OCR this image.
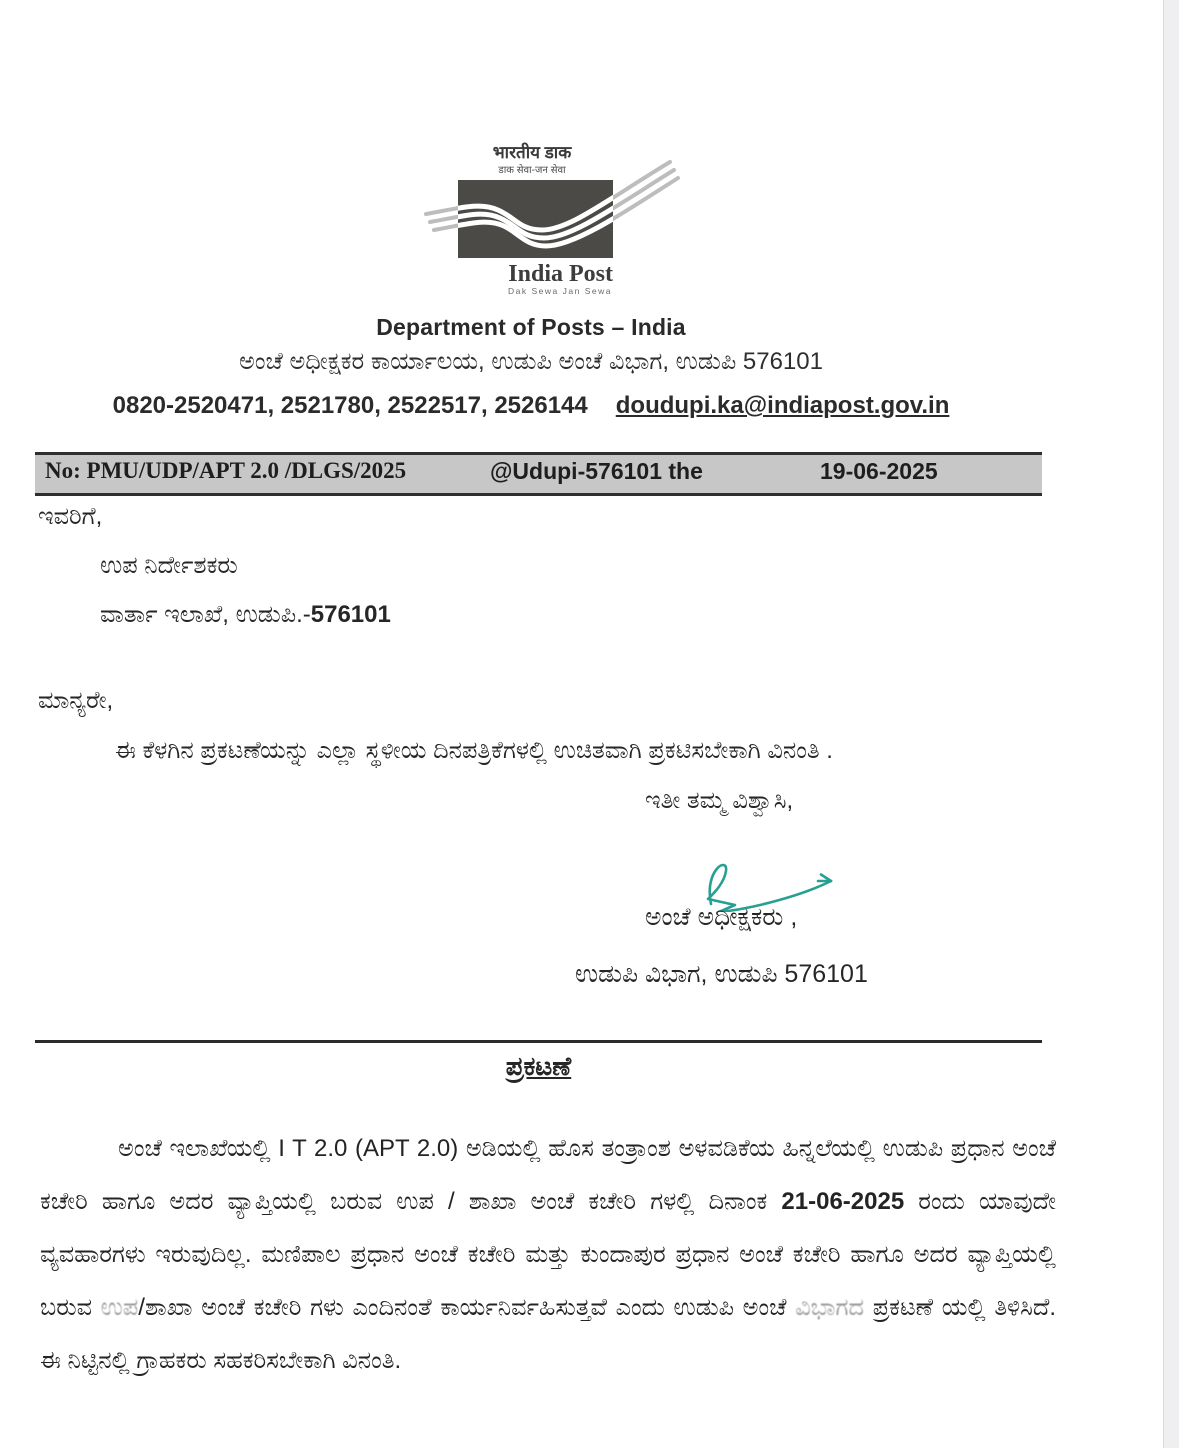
भारतीय डाक
डाक सेवा-जन सेवा
India Post
Dak Sewa Jan Sewa
Department of Posts – India
ಅಂಚೆ ಅಧೀಕ್ಷಕರ ಕಾರ್ಯಾಲಯ, ಉಡುಪಿ ಅಂಚೆ ವಿಭಾಗ, ಉಡುಪಿ 576101
0820-2520471, 2521780, 2522517, 2526144 doudupi.ka@indiapost.gov.in
No: PMU/UDP/APT 2.0 /DLGS/2025	@Udupi-576101 the	19-06-2025
ಇವರಿಗೆ,
ಉಪ ನಿರ್ದೇಶಕರು
ವಾರ್ತಾ ಇಲಾಖೆ, ಉಡುಪಿ.-576101
ಮಾನ್ಯರೇ,
ಈ ಕೆಳಗಿನ ಪ್ರಕಟಣೆಯನ್ನು ಎಲ್ಲಾ ಸ್ಥಳೀಯ ದಿನಪತ್ರಿಕೆಗಳಲ್ಲಿ ಉಚಿತವಾಗಿ ಪ್ರಕಟಿಸಬೇಕಾಗಿ ವಿನಂತಿ .
ಇತೀ ತಮ್ಮ ವಿಶ್ವಾಸಿ,
ಅಂಚೆ ಅಧೀಕ್ಷಕರು ,
ಉಡುಪಿ ವಿಭಾಗ, ಉಡುಪಿ 576101
ಪ್ರಕಟಣೆ
ಅಂಚೆ ಇಲಾಖೆಯಲ್ಲಿ I T 2.0 (APT 2.0) ಅಡಿಯಲ್ಲಿ ಹೊಸ ತಂತ್ರಾಂಶ ಅಳವಡಿಕೆಯ ಹಿನ್ನಲೆಯಲ್ಲಿ ಉಡುಪಿ ಪ್ರಧಾನ ಅಂಚೆ ಕಚೇರಿ ಹಾಗೂ ಅದರ ವ್ಯಾಪ್ತಿಯಲ್ಲಿ ಬರುವ ಉಪ / ಶಾಖಾ ಅಂಚೆ ಕಚೇರಿ ಗಳಲ್ಲಿ ದಿನಾಂಕ 21-06-2025 ರಂದು ಯಾವುದೇ ವ್ಯವಹಾರಗಳು ಇರುವುದಿಲ್ಲ. ಮಣಿಪಾಲ ಪ್ರಧಾನ ಅಂಚೆ ಕಚೇರಿ ಮತ್ತು ಕುಂದಾಪುರ ಪ್ರಧಾನ ಅಂಚೆ ಕಚೇರಿ ಹಾಗೂ ಅದರ ವ್ಯಾಪ್ತಿಯಲ್ಲಿ ಬರುವ ಉಪ/ಶಾಖಾ ಅಂಚೆ ಕಚೇರಿ ಗಳು ಎಂದಿನಂತೆ ಕಾರ್ಯನಿರ್ವಹಿಸುತ್ತವೆ ಎಂದು ಉಡುಪಿ ಅಂಚೆ ವಿಭಾಗದ ಪ್ರಕಟಣೆ ಯಲ್ಲಿ ತಿಳಿಸಿದೆ. ಈ ನಿಟ್ಟಿನಲ್ಲಿ ಗ್ರಾಹಕರು ಸಹಕರಿಸಬೇಕಾಗಿ ವಿನಂತಿ.
